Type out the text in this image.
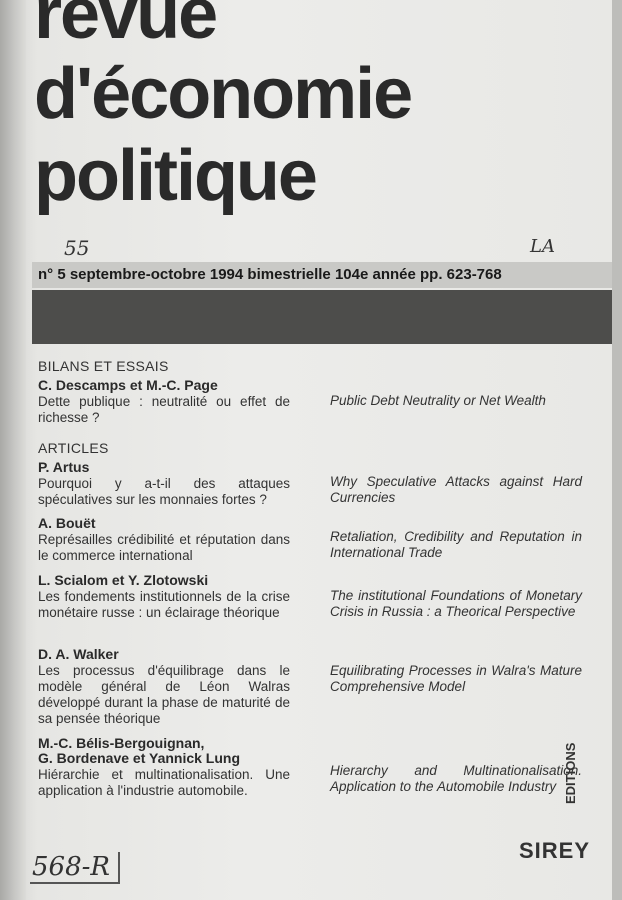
revue
d'économie
politique
55	LA
n° 5 septembre-octobre 1994 bimestrielle 104e année pp. 623-768
BILANS ET ESSAIS
C. Descamps et M.-C. Page
Dette publique : neutralité ou effet de richesse ?
Public Debt Neutrality or Net Wealth
ARTICLES
P. Artus
Pourquoi y a-t-il des attaques spéculatives sur les monnaies fortes ?
Why Speculative Attacks against Hard Currencies
A. Bouët
Représailles crédibilité et réputation dans le commerce international
Retaliation, Credibility and Reputation in International Trade
L. Scialom et Y. Zlotowski
Les fondements institutionnels de la crise monétaire russe : un éclairage théorique
The institutional Foundations of Monetary Crisis in Russia : a Theorical Perspective
D. A. Walker
Les processus d'équilibrage dans le modèle général de Léon Walras développé durant la phase de maturité de sa pensée théorique
Equilibrating Processes in Walra's Mature Comprehensive Model
M.-C. Bélis-Bergouignan,
G. Bordenave et Yannick Lung
Hiérarchie et multinationalisation. Une application à l'industrie automobile.
Hierarchy and Multinationalisation. Application to the Automobile Industry
568-R
EDITIONS
SIREY
